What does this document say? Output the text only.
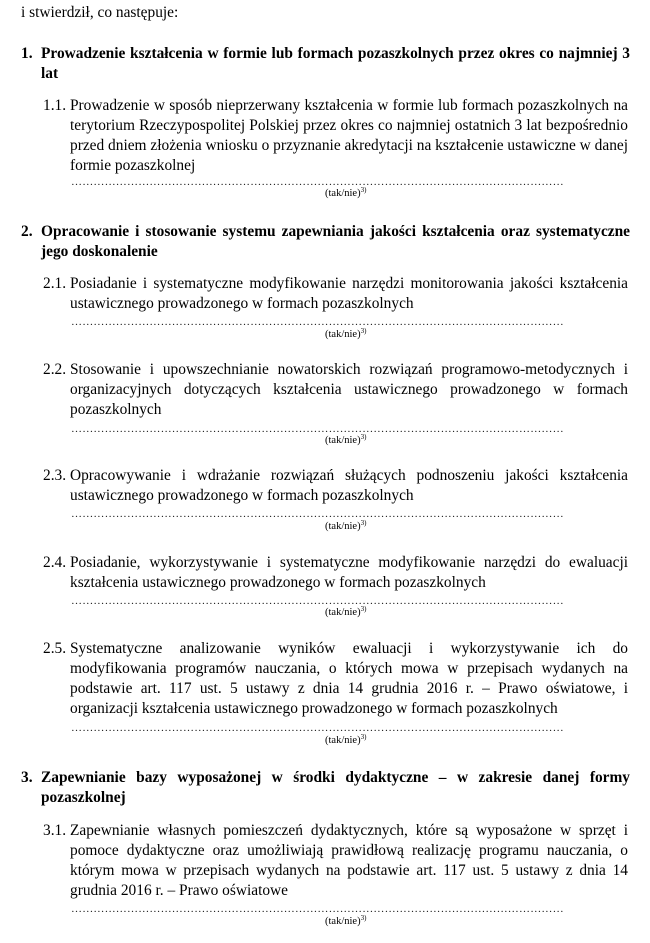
i stwierdził, co następuje:
1. Prowadzenie kształcenia w formie lub formach pozaszkolnych przez okres co najmniej 3 lat
1.1. Prowadzenie w sposób nieprzerwany kształcenia w formie lub formach pozaszkolnych na terytorium Rzeczypospolitej Polskiej przez okres co najmniej ostatnich 3 lat bezpośrednio przed dniem złożenia wniosku o przyznanie akredytacji na kształcenie ustawiczne w danej formie pozaszkolnej
……………………………………………………………………………………………………………………
$(tak/nie)^{3)}$
2. Opracowanie i stosowanie systemu zapewniania jakości kształcenia oraz systematyczne jego doskonalenie
2.1. Posiadanie i systematyczne modyfikowanie narzędzi monitorowania jakości kształcenia ustawicznego prowadzonego w formach pozaszkolnych
……………………………………………………………………………………………………………………
$(tak/nie)^{3)}$
2.2. Stosowanie i upowszechnianie nowatorskich rozwiązań programowo-metodycznych i organizacyjnych dotyczących kształcenia ustawicznego prowadzonego w formach pozaszkolnych
……………………………………………………………………………………………………………………
$(tak/nie)^{3)}$
2.3. Opracowywanie i wdrażanie rozwiązań służących podnoszeniu jakości kształcenia ustawicznego prowadzonego w formach pozaszkolnych
……………………………………………………………………………………………………………………
$(tak/nie)^{3)}$
2.4. Posiadanie, wykorzystywanie i systematyczne modyfikowanie narzędzi do ewaluacji kształcenia ustawicznego prowadzonego w formach pozaszkolnych
……………………………………………………………………………………………………………………
$(tak/nie)^{3)}$
2.5. Systematyczne analizowanie wyników ewaluacji i wykorzystywanie ich do modyfikowania programów nauczania, o których mowa w przepisach wydanych na podstawie art. 117 ust. 5 ustawy z dnia 14 grudnia 2016 r. – Prawo oświatowe, i organizacji kształcenia ustawicznego prowadzonego w formach pozaszkolnych
……………………………………………………………………………………………………………………
$(tak/nie)^{3)}$
3. Zapewnianie bazy wyposażonej w środki dydaktyczne – w zakresie danej formy pozaszkolnej
3.1. Zapewnianie własnych pomieszczeń dydaktycznych, które są wyposażone w sprzęt i pomoce dydaktyczne oraz umożliwiają prawidłową realizację programu nauczania, o którym mowa w przepisach wydanych na podstawie art. 117 ust. 5 ustawy z dnia 14 grudnia 2016 r. – Prawo oświatowe
……………………………………………………………………………………………………………………
$(tak/nie)^{3)}$
